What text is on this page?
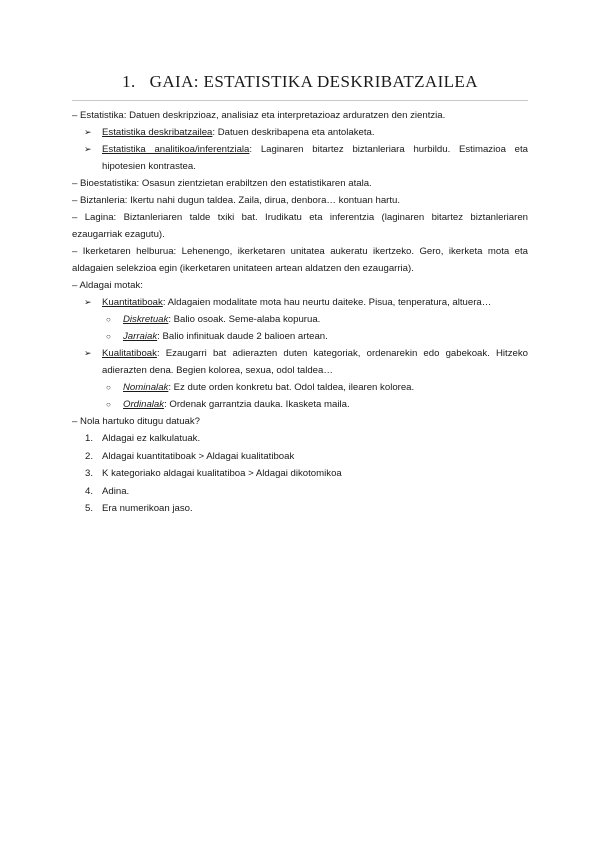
1. GAIA: ESTATISTIKA DESKRIBATZAILEA

– Estatistika: Datuen deskripzioaz, analisiaz eta interpretazioaz arduratzen den zientzia.

➢ Estatistika deskribatzailea: Datuen deskribapena eta antolaketa.

➢ Estatistika analitikoa/inferentziala: Laginaren bitartez biztanleriara hurbildu. Estimazioa eta hipotesien kontrastea.

– Bioestatistika: Osasun zientzietan erabiltzen den estatistikaren atala.

– Biztanleria: Ikertu nahi dugun taldea. Zaila, dirua, denbora… kontuan hartu.

– Lagina: Biztanleriaren talde txiki bat. Irudikatu eta inferentzia (laginaren bitartez biztanleriaren ezaugarriak ezagutu).

– Ikerketaren helburua: Lehenengo, ikerketaren unitatea aukeratu ikertzeko. Gero, ikerketa mota eta aldagaien selekzioa egin (ikerketaren unitateen artean aldatzen den ezaugarria).

– Aldagai motak:

➢ Kuantitatiboak: Aldagaien modalitate mota hau neurtu daiteke. Pisua, tenperatura, altuera…

○ Diskretuak: Balio osoak. Seme-alaba kopurua.

○ Jarraiak: Balio infinituak daude 2 balioen artean.

➢ Kualitatiboak: Ezaugarri bat adierazten duten kategoriak, ordenarekin edo gabekoak. Hitzeko adierazten dena. Begien kolorea, sexua, odol taldea…

○ Nominalak: Ez dute orden konkretu bat. Odol taldea, ilearen kolorea.

○ Ordinalak: Ordenak garrantzia dauka. Ikasketa maila.

– Nola hartuko ditugu datuak?

1. Aldagai ez kalkulatuak.

2. Aldagai kuantitatiboak > Aldagai kualitatiboak

3. K kategoriako aldagai kualitatiboa > Aldagai dikotomikoa

4. Adina.

5. Era numerikoan jaso.
